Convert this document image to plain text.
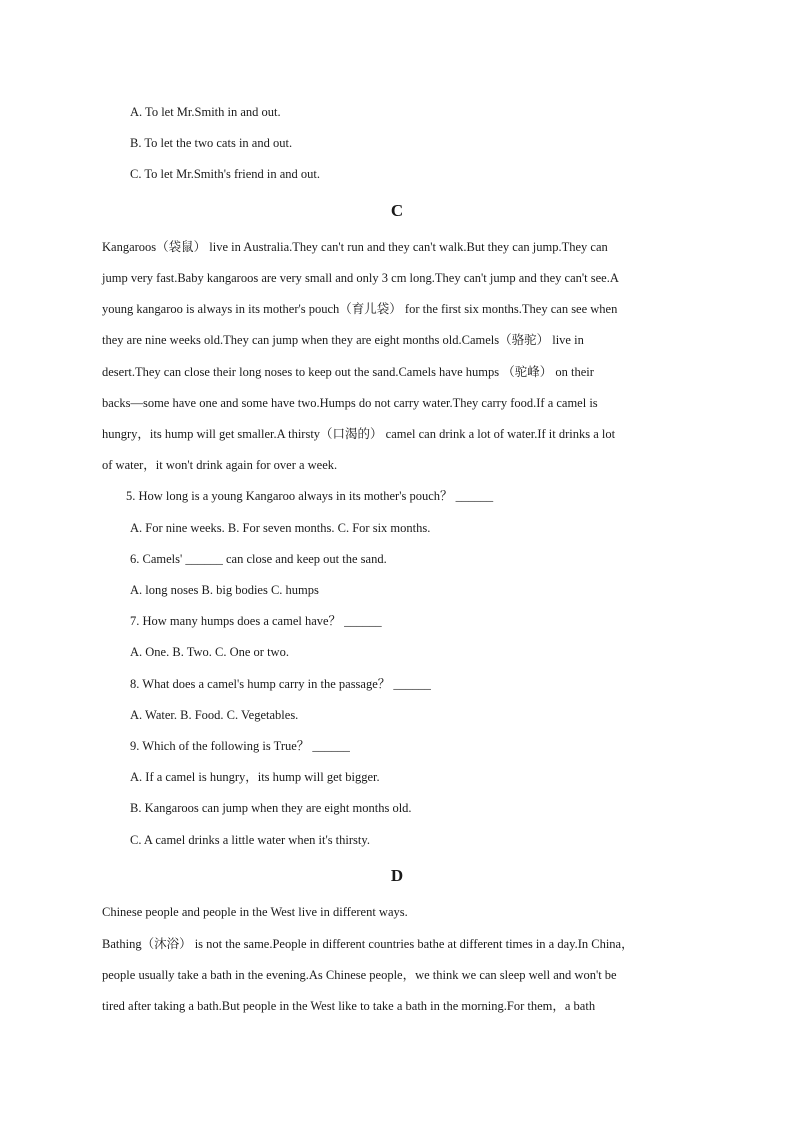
A. To let Mr.Smith in and out.
B. To let the two cats in and out.
C. To let Mr.Smith's friend in and out.
C
Kangaroos（袋鼠） live in Australia.They can't run and they can't walk.But they can jump.They can
jump very fast.Baby kangaroos are very small and only 3 cm long.They can't jump and they can't see.A
young kangaroo is always in its mother's pouch（育儿袋） for the first six months.They can see when
they are nine weeks old.They can jump when they are eight months old.Camels（骆驼） live in
desert.They can close their long noses to keep out the sand.Camels have humps （驼峰） on their
backs—some have one and some have two.Humps do not carry water.They carry food.If a camel is
hungry，its hump will get smaller.A thirsty（口渴的） camel can drink a lot of water.If it drinks a lot
of water，it won't drink again for over a week.
5. How long is a young Kangaroo always in its mother's pouch？ ______
A. For nine weeks. B. For seven months. C. For six months.
6. Camels' ______ can close and keep out the sand.
A. long noses B. big bodies C. humps
7. How many humps does a camel have？ ______
A. One. B. Two. C. One or two.
8. What does a camel's hump carry in the passage？ ______
A. Water. B. Food. C. Vegetables.
9. Which of the following is True？ ______
A. If a camel is hungry，its hump will get bigger.
B. Kangaroos can jump when they are eight months old.
C. A camel drinks a little water when it's thirsty.
D
Chinese people and people in the West live in different ways.
Bathing（沐浴） is not the same.People in different countries bathe at different times in a day.In China，
people usually take a bath in the evening.As Chinese people，we think we can sleep well and won't be
tired after taking a bath.But people in the West like to take a bath in the morning.For them，a bath
